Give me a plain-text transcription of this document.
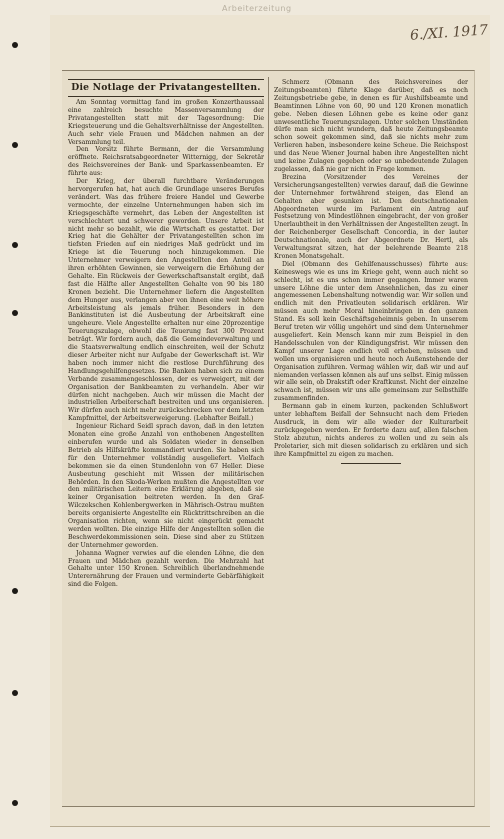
Arbeiterzeitung
6./XI. 1917
Die Notlage der Privatangestellten.

Am Sonntag vormittag fand im großen Konzerthaussaal eine zahlreich besuchte Massenversammlung der Privatangestellten statt mit der Tagesordnung: Die Kriegsteuerung und die Gehaltsverhältnisse der Angestellten. Auch sehr viele Frauen und Mädchen nahmen an der Versammlung teil.

Den Vorsitz führte Bermann, der die Versammlung eröffnete. Reichsratsabgeordneter Witternigg, der Sekretär des Reichsvereines der Bank- und Sparkassenbeamten. Er führte aus:

Der Krieg, der überall furchtbare Veränderungen hervorgerufen hat, hat auch die Grundlage unseres Berufes verändert. Was das frühere freiere Handel und Gewerbe vermochte, der einzelne Unternehmungen haben sich im Kriegsgeschäfte vermehrt, das Leben der Angestellten ist verschlechtert und schwerer geworden. Unsere Arbeit ist nicht mehr so bezahlt, wie die Wirtschaft es gestattet. Der Krieg hat die Gehälter der Privatangestellten schon im tiefsten Frieden auf ein niedriges Maß gedrückt und im Kriege ist die Teuerung noch hinzugekommen. Die Unternehmer verweigern den Angestellten den Anteil an ihren erhöhten Gewinnen, sie verweigern die Erhöhung der Gehalte. Ein Rückweis der Gewerkschaftsanstalt ergibt, daß fast die Hälfte aller Angestellten Gehalte von 90 bis 180 Kronen bezieht. Die Unternehmer liefern die Angestellten dem Hunger aus, verlangen aber von ihnen eine weit höhere Arbeitsleistung als jemals früher. Besonders in den Bankinstituten ist die Ausbeutung der Arbeitskraft eine ungeheure. Viele Angestellte erhalten nur eine 20prozentige Teuerungszulage, obwohl die Teuerung fast 300 Prozent beträgt. Wir fordern auch, daß die Gemeindeverwaltung und die Staatsverwaltung endlich einschreiten, weil der Schutz dieser Arbeiter nicht nur Aufgabe der Gewerkschaft ist. Wir haben noch immer nicht die restlose Durchführung des Handlungsgehilfengesetzes. Die Banken haben sich zu einem Verbande zusammengeschlossen, der es verweigert, mit der Organisation der Bankbeamten zu verhandeln. Aber wir dürfen nicht nachgeben. Auch wir müssen die Macht der industriellen Arbeiterschaft bestreiten und uns organisieren. Wir dürfen auch nicht mehr zurückschrecken vor dem letzten Kampfmittel, der Arbeitsverweigerung. (Lebhafter Beifall.)

Ingenieur Richard Seidl sprach davon, daß in den letzten Monaten eine große Anzahl von enthobenen Angestellten einberufen wurde und als Soldaten wieder in denselben Betrieb als Hilfskräfte kommandiert wurden. Sie haben sich für den Unternehmer vollständig ausgeliefert. Vielfach bekommen sie da einen Stundenlohn von 67 Heller. Diese Ausbeutung geschieht mit Wissen der militärischen Behörden. In den Skoda-Werken mußten die Angestellten vor den militärischen Leitern eine Erklärung abgeben, daß sie keiner Organisation beitreten werden. In den Graf-Wilczekschen Kohlenbergwerken in Mährisch-Ostrau mußten bereits organisierte Angestellte ein Rücktrittschreiben an die Organisation richten, wenn sie nicht eingerückt gemacht werden wollten. Die einzige Hilfe der Angestellten sollen die Beschwerdekommissionen sein. Diese sind aber zu Stützen der Unternehmer geworden.

Johanna Wagner verwies auf die elenden Löhne, die den Frauen und Mädchen gezahlt werden. Die Mehrzahl hat Gehalte unter 150 Kronen. Schreiblich überlandnehmende Unterernährung der Frauen und verminderte Gebärfähigkeit sind die Folgen.

Schmerz (Obmann des Reichsvereines der Zeitungsbeamten) führte Klage darüber, daß es noch Zeitungsbetriebe gebe, in denen es für Aushilfsbeamte und Beamtinnen Löhne von 60, 90 und 120 Kronen monatlich gebe. Neben diesen Löhnen gebe es keine oder ganz unwesentliche Teuerungszulagen. Unter solchen Umständen dürfe man sich nicht wundern, daß heute Zeitungsbeamte schon soweit gekommen sind, daß sie nichts mehr zum Verlieren haben, insbesondere keine Scheue. Die Reichspost und das Neue Wiener Journal haben ihre Angestellten nicht und keine Zulagen gegeben oder so unbedeutende Zulagen zugelassen, daß nie gar nicht in Frage kommen.

Brezina (Vorsitzender des Vereines der Versicherungsangestellten) verwies darauf, daß die Gewinne der Unternehmer fortwährend steigen, das Elend an Gehalten aber gesunken ist. Den deutschnationalen Abgeordneten wurde im Parlament ein Antrag auf Festsetzung von Mindestlöhnen eingebracht, der von großer Unerlaubtheit in den Verhältnissen der Angestellten zeugt. In der Reichenberger Gesellschaft Concordia, in der lauter Deutschnationale, auch der Abgeordnete Dr. Hertl, als Verwaltungsrat sitzen, hat der belehrende Beamte 218 Kronen Monatsgehalt.

Diel (Obmann des Gehilfenausschusses) führte aus: Keineswegs wie es uns im Kriege geht, wenn auch nicht so schlecht, ist es uns schon immer gegangen. Immer waren unsere Löhne die unter dem Ansehnlichen, das zu einer angemessenen Lebenshaltung notwendig war. Wir sollen und endlich mit den Privatleuten solidarisch erklären. Wir müssen auch mehr Moral hineinbringen in den ganzen Stand. Es soll kein Geschäftsgeheimnis geben. In unserem Beruf treten wir völlig ungehört und sind dem Unternehmer ausgeliefert. Kein Mensch kann mir zum Beispiel in den Handelsschulen von der Kündigungsfrist. Wir müssen den Kampf unserer Lage endlich voll erheben, müssen und wollen uns organisieren und heute noch Außenstehende der Organisation zuführen. Vermag wählen wir, daß wir und auf niemanden verlassen können als auf uns selbst. Einig müssen wir alle sein, ob Drakstift oder Kraftkunst. Nicht der einzelne schwach ist, müssen wir uns alle gemeinsam zur Selbsthilfe zusammenfinden.

Bermann gab in einem kurzen, packenden Schlußwort unter lebhaftem Beifall der Sehnsucht nach dem Frieden Ausdruck, in dem wir alle wieder der Kulturarbeit zurückgegeben werden. Er forderte dazu auf, allen falschen Stolz abzutun, nichts anderes zu wollen und zu sein als Proletarier, sich mit diesen solidarisch zu erklären und sich ihre Kampfmittel zu eigen zu machen.
